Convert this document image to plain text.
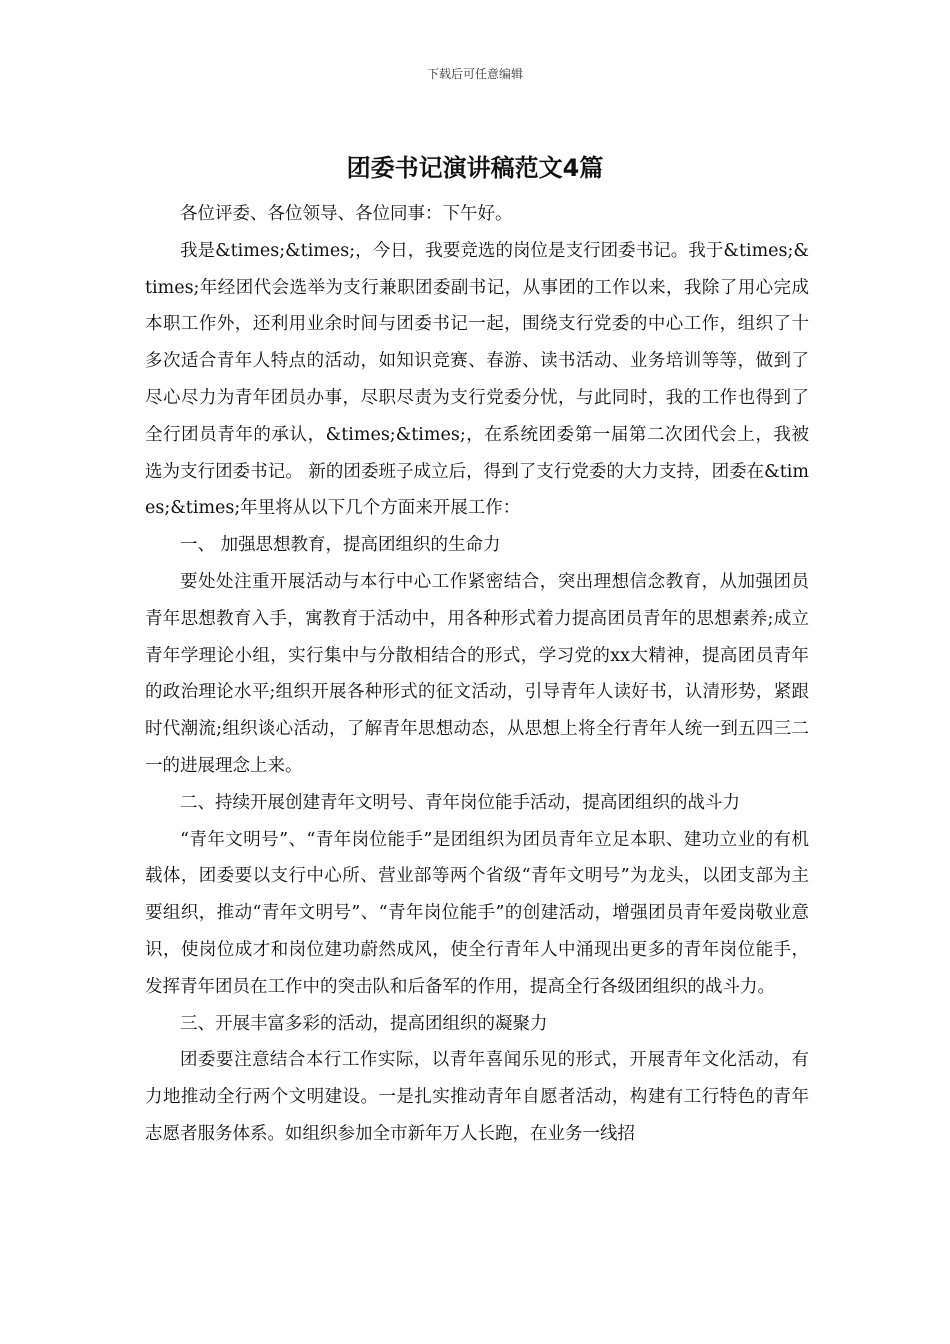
下载后可任意编辑
团委书记演讲稿范文4篇

各位评委、各位领导、各位同事：下午好。

我是&times;&times;，今日，我要竞选的岗位是支行团委书记。我于&times;&times;年经团代会选举为支行兼职团委副书记，从事团的工作以来，我除了用心完成本职工作外，还利用业余时间与团委书记一起，围绕支行党委的中心工作，组织了十多次适合青年人特点的活动，如知识竞赛、春游、读书活动、业务培训等等，做到了尽心尽力为青年团员办事，尽职尽责为支行党委分忧，与此同时，我的工作也得到了全行团员青年的承认，&times;&times;，在系统团委第一届第二次团代会上，我被选为支行团委书记。 新的团委班子成立后，得到了支行党委的大力支持，团委在&times;&times;年里将从以下几个方面来开展工作：

一、 加强思想教育，提高团组织的生命力

要处处注重开展活动与本行中心工作紧密结合，突出理想信念教育，从加强团员青年思想教育入手，寓教育于活动中，用各种形式着力提高团员青年的思想素养;成立青年学理论小组，实行集中与分散相结合的形式，学习党的xx大精神，提高团员青年的政治理论水平;组织开展各种形式的征文活动，引导青年人读好书，认清形势，紧跟时代潮流;组织谈心活动，了解青年思想动态，从思想上将全行青年人统一到五四三二一的进展理念上来。

二、持续开展创建青年文明号、青年岗位能手活动，提高团组织的战斗力

“青年文明号”、“青年岗位能手”是团组织为团员青年立足本职、建功立业的有机载体，团委要以支行中心所、营业部等两个省级“青年文明号”为龙头，以团支部为主要组织，推动“青年文明号”、“青年岗位能手”的创建活动，增强团员青年爱岗敬业意识，使岗位成才和岗位建功蔚然成风，使全行青年人中涌现出更多的青年岗位能手，发挥青年团员在工作中的突击队和后备军的作用，提高全行各级团组织的战斗力。

三、开展丰富多彩的活动，提高团组织的凝聚力

团委要注意结合本行工作实际，以青年喜闻乐见的形式，开展青年文化活动，有力地推动全行两个文明建设。一是扎实推动青年自愿者活动，构建有工行特色的青年志愿者服务体系。如组织参加全市新年万人长跑，在业务一线招
